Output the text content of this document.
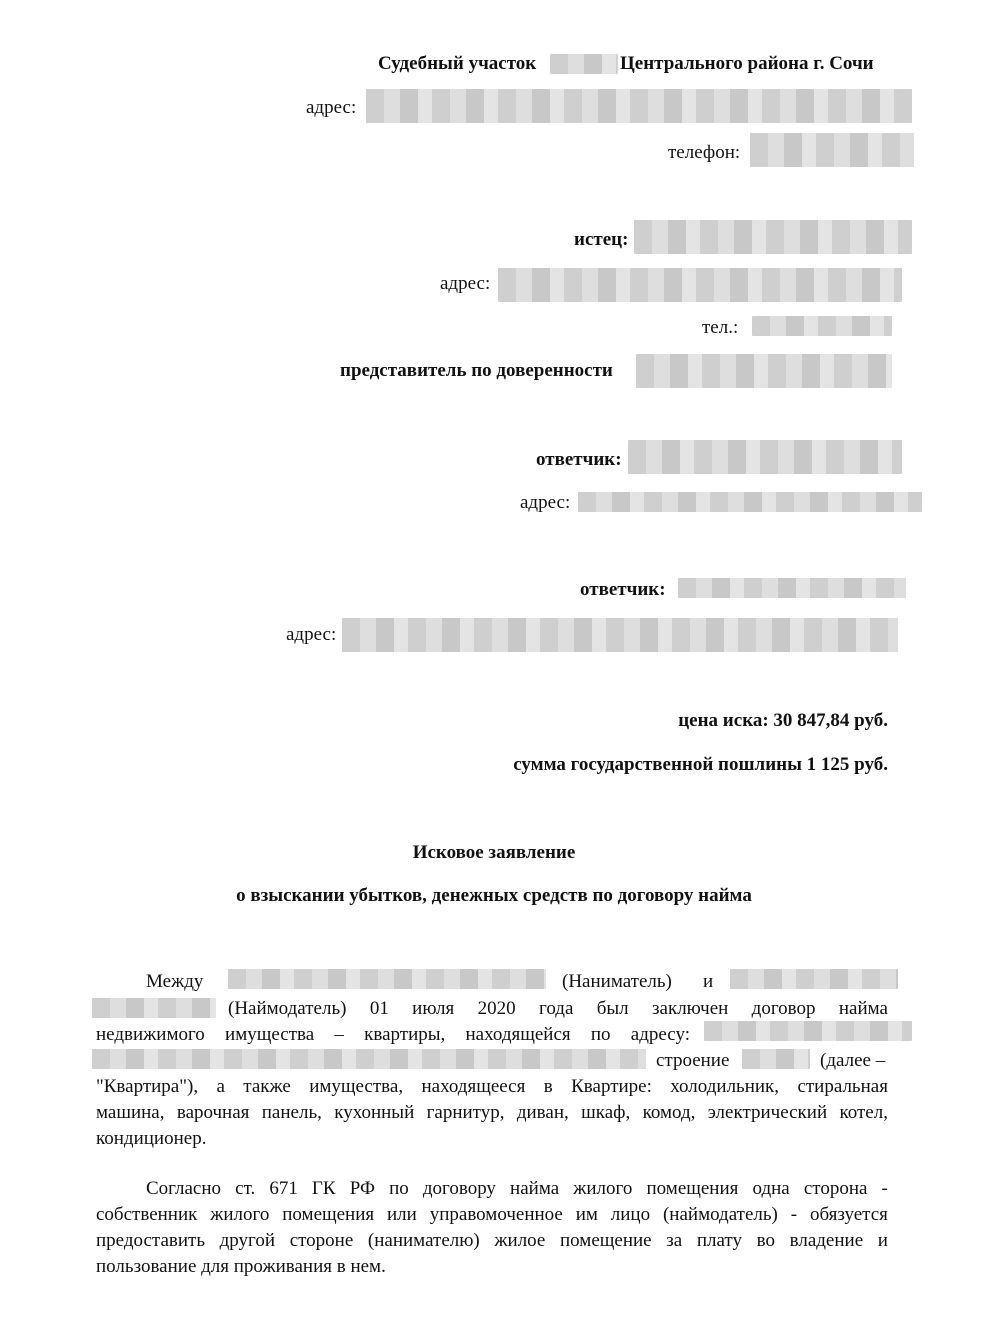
Судебный участок	Центрального района г. Сочи
адрес:
телефон:
истец:
адрес:
тел.:
представитель по доверенности
ответчик:
адрес:
ответчик:
адрес:
цена иска: 30 847,84 руб.
сумма государственной пошлины 1 125 руб.
Исковое заявление
о взыскании убытков, денежных средств по договору найма
Между	(Наниматель) и
(Наймодатель) 01 июля 2020 года был заключен договор найма
недвижимого имущества – квартиры, находящейся по адресу:
строение	(далее –
"Квартира"), а также имущества, находящееся в Квартире: холодильник, стиральная
машина, варочная панель, кухонный гарнитур, диван, шкаф, комод, электрический котел,
кондиционер.
Согласно ст. 671 ГК РФ по договору найма жилого помещения одна сторона -
собственник жилого помещения или управомоченное им лицо (наймодатель) - обязуется
предоставить другой стороне (нанимателю) жилое помещение за плату во владение и
пользование для проживания в нем.
